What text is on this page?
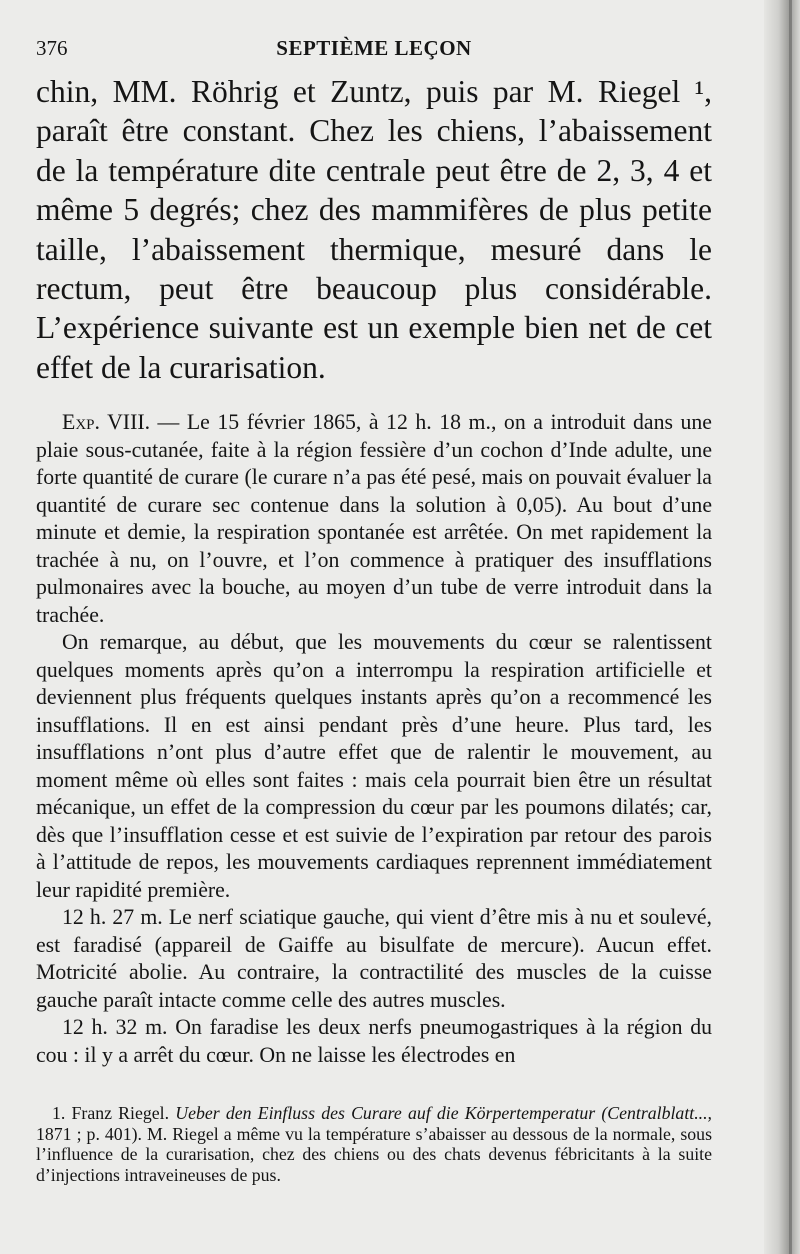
376	SEPTIÈME LEÇON

chin, MM. Röhrig et Zuntz, puis par M. Riegel ¹, paraît être constant. Chez les chiens, l’abaissement de la température dite centrale peut être de 2, 3, 4 et même 5 degrés; chez des mammifères de plus petite taille, l’abaissement thermique, mesuré dans le rectum, peut être beaucoup plus considérable. L’expérience suivante est un exemple bien net de cet effet de la curarisation.

Exp. VIII. — Le 15 février 1865, à 12 h. 18 m., on a introduit dans une plaie sous-cutanée, faite à la région fessière d’un cochon d’Inde adulte, une forte quantité de curare (le curare n’a pas été pesé, mais on pouvait évaluer la quantité de curare sec contenue dans la solution à 0,05). Au bout d’une minute et demie, la respiration spontanée est arrêtée. On met rapidement la trachée à nu, on l’ouvre, et l’on commence à pratiquer des insufflations pulmonaires avec la bouche, au moyen d’un tube de verre introduit dans la trachée.

On remarque, au début, que les mouvements du cœur se ralentissent quelques moments après qu’on a interrompu la respiration artificielle et deviennent plus fréquents quelques instants après qu’on a recommencé les insufflations. Il en est ainsi pendant près d’une heure. Plus tard, les insufflations n’ont plus d’autre effet que de ralentir le mouvement, au moment même où elles sont faites : mais cela pourrait bien être un résultat mécanique, un effet de la compression du cœur par les poumons dilatés; car, dès que l’insufflation cesse et est suivie de l’expiration par retour des parois à l’attitude de repos, les mouvements cardiaques reprennent immédiatement leur rapidité première.

12 h. 27 m. Le nerf sciatique gauche, qui vient d’être mis à nu et soulevé, est faradisé (appareil de Gaiffe au bisulfate de mercure). Aucun effet. Motricité abolie. Au contraire, la contractilité des muscles de la cuisse gauche paraît intacte comme celle des autres muscles.

12 h. 32 m. On faradise les deux nerfs pneumogastriques à la région du cou : il y a arrêt du cœur. On ne laisse les électrodes en

1. Franz Riegel. Ueber den Einfluss des Curare auf die Körpertemperatur (Centralblatt..., 1871 ; p. 401). M. Riegel a même vu la température s’abaisser au dessous de la normale, sous l’influence de la curarisation, chez des chiens ou des chats devenus fébricitants à la suite d’injections intraveineuses de pus.
